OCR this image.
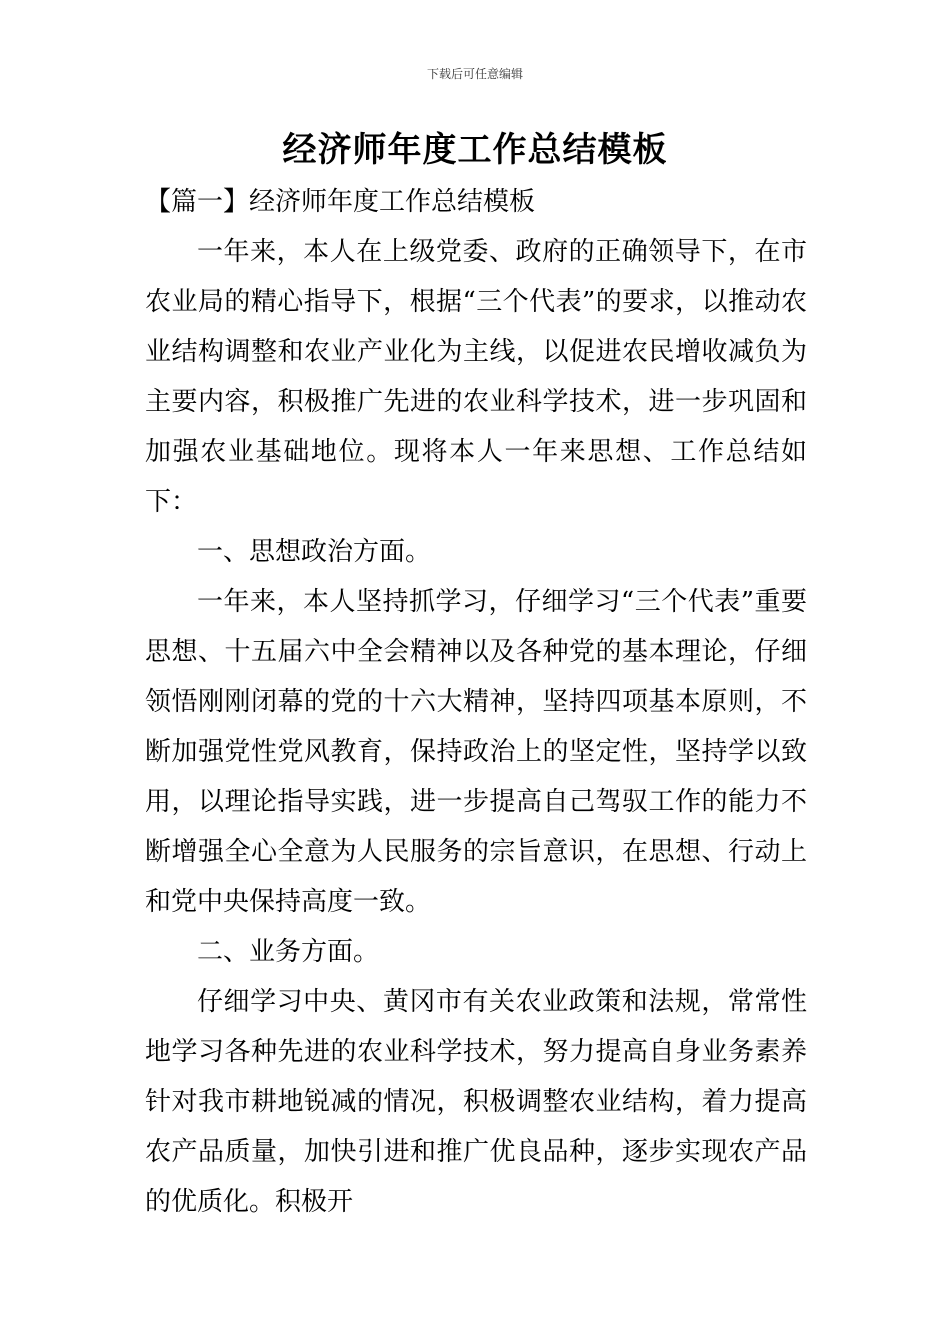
下载后可任意编辑
经济师年度工作总结模板

【篇一】经济师年度工作总结模板

一年来，本人在上级党委、政府的正确领导下，在市农业局的精心指导下，根据“三个代表”的要求，以推动农业结构调整和农业产业化为主线，以促进农民增收减负为主要内容，积极推广先进的农业科学技术，进一步巩固和加强农业基础地位。现将本人一年来思想、工作总结如下：

一、思想政治方面。

一年来，本人坚持抓学习，仔细学习“三个代表”重要思想、十五届六中全会精神以及各种党的基本理论，仔细领悟刚刚闭幕的党的十六大精神，坚持四项基本原则，不断加强党性党风教育，保持政治上的坚定性，坚持学以致用，以理论指导实践，进一步提高自己驾驭工作的能力不断增强全心全意为人民服务的宗旨意识，在思想、行动上和党中央保持高度一致。

二、业务方面。

仔细学习中央、黄冈市有关农业政策和法规，常常性地学习各种先进的农业科学技术，努力提高自身业务素养针对我市耕地锐减的情况，积极调整农业结构，着力提高农产品质量，加快引进和推广优良品种，逐步实现农产品的优质化。积极开
